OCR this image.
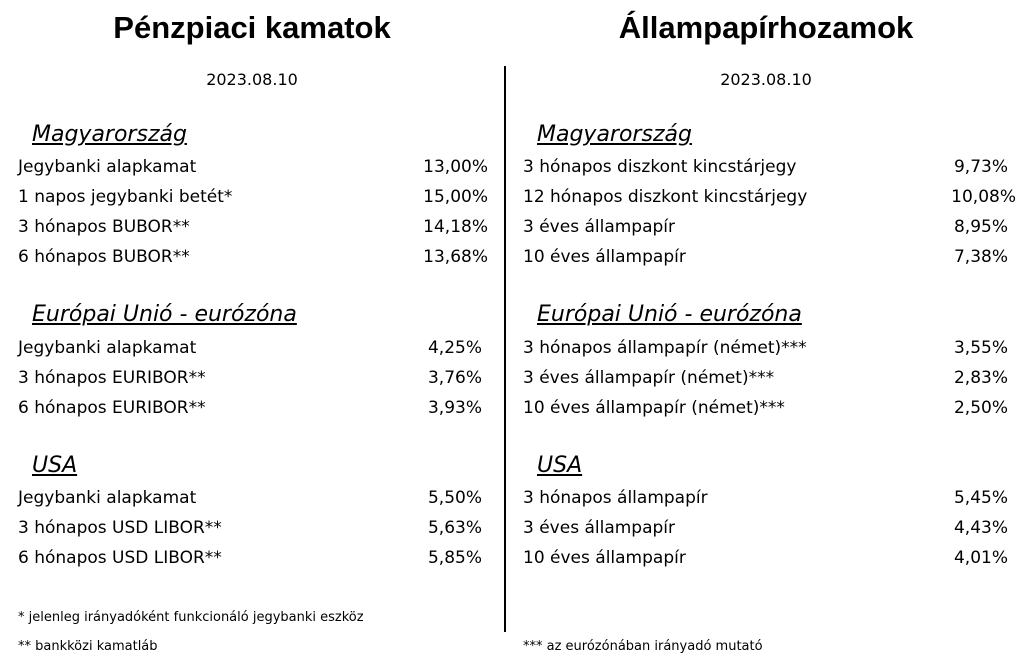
Pénzpiaci kamatok
2023.08.10
Magyarország
Jegybanki alapkamat	13,00%
1 napos jegybanki betét*	15,00%
3 hónapos BUBOR**	14,18%
6 hónapos BUBOR**	13,68%
Európai Unió - eurózóna
Jegybanki alapkamat	4,25%
3 hónapos EURIBOR**	3,76%
6 hónapos EURIBOR**	3,93%
USA
Jegybanki alapkamat	5,50%
3 hónapos USD LIBOR**	5,63%
6 hónapos USD LIBOR**	5,85%
* jelenleg irányadóként funkcionáló jegybanki eszköz
** bankközi kamatláb
Állampapírhozamok
2023.08.10
Magyarország
3 hónapos diszkont kincstárjegy	9,73%
12 hónapos diszkont kincstárjegy	10,08%
3 éves állampapír	8,95%
10 éves állampapír	7,38%
Európai Unió - eurózóna
3 hónapos állampapír (német)***	3,55%
3 éves állampapír (német)***	2,83%
10 éves állampapír (német)***	2,50%
USA
3 hónapos állampapír	5,45%
3 éves állampapír	4,43%
10 éves állampapír	4,01%
*** az eurózónában irányadó mutató
